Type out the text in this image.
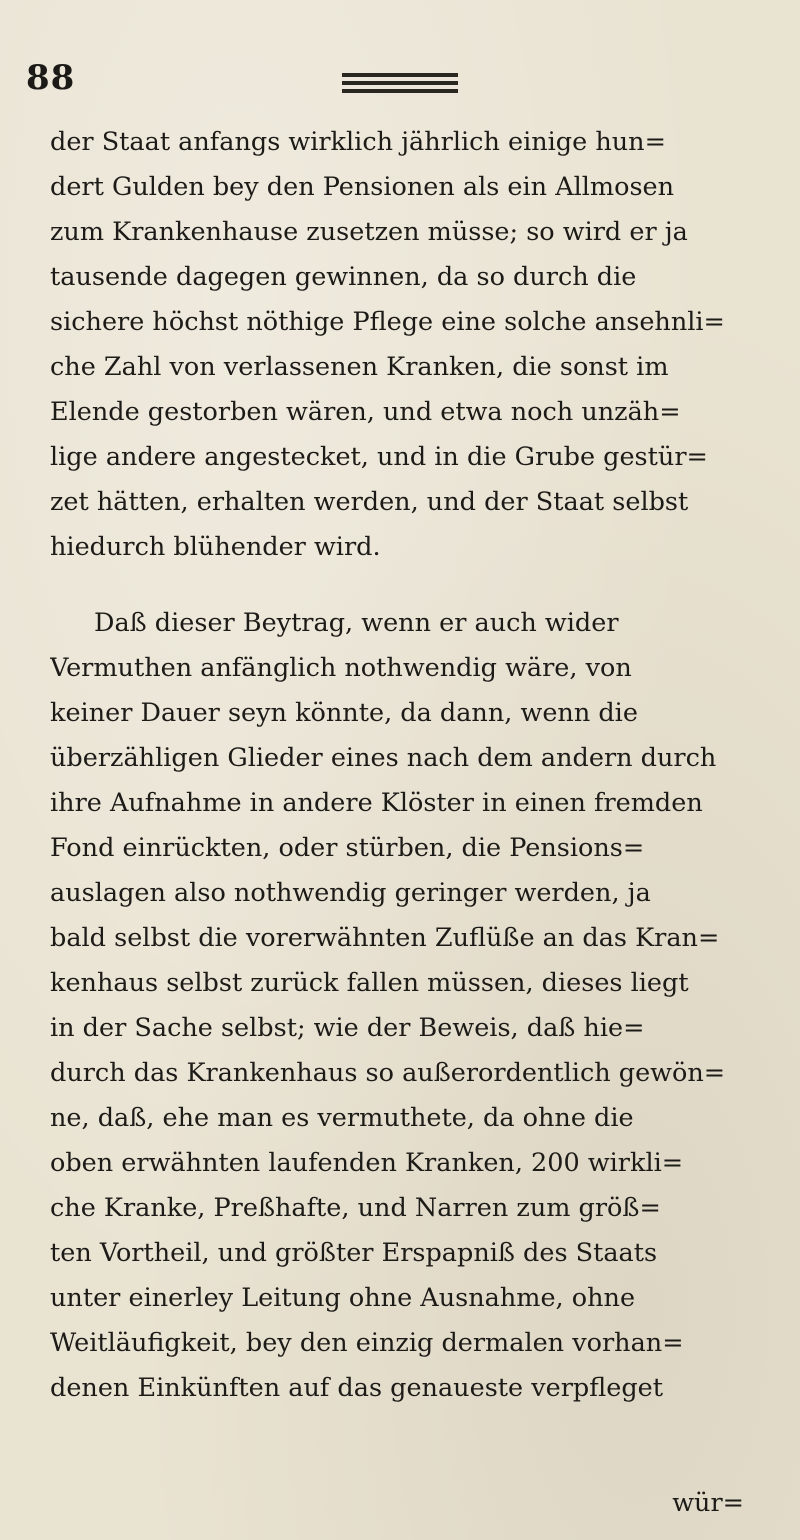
88
der Staat anfangs wirklich jährlich einige hun=
dert Gulden bey den Pensionen als ein Allmosen
zum Krankenhause zusetzen müsse; so wird er ja
tausende dagegen gewinnen, da so durch die
sichere höchst nöthige Pflege eine solche ansehnli=
che Zahl von verlassenen Kranken, die sonst im
Elende gestorben wären, und etwa noch unzäh=
lige andere angestecket, und in die Grube gestür=
zet hätten, erhalten werden, und der Staat selbst
hiedurch blühender wird.
Daß dieser Beytrag, wenn er auch wider
Vermuthen anfänglich nothwendig wäre, von
keiner Dauer seyn könnte, da dann, wenn die
überzähligen Glieder eines nach dem andern durch
ihre Aufnahme in andere Klöster in einen fremden
Fond einrückten, oder stürben, die Pensions=
auslagen also nothwendig geringer werden, ja
bald selbst die vorerwähnten Zuflüße an das Kran=
kenhaus selbst zurück fallen müssen, dieses liegt
in der Sache selbst; wie der Beweis, daß hie=
durch das Krankenhaus so außerordentlich gewön=
ne, daß, ehe man es vermuthete, da ohne die
oben erwähnten laufenden Kranken, 200 wirkli=
che Kranke, Preßhafte, und Narren zum größ=
ten Vortheil, und größter Erspарniß des Staats
unter einerley Leitung ohne Ausnahme, ohne
Weitläufigkeit, bey den einzig dermalen vorhan=
denen Einkünften auf das genaueste verpfleget
wür=
